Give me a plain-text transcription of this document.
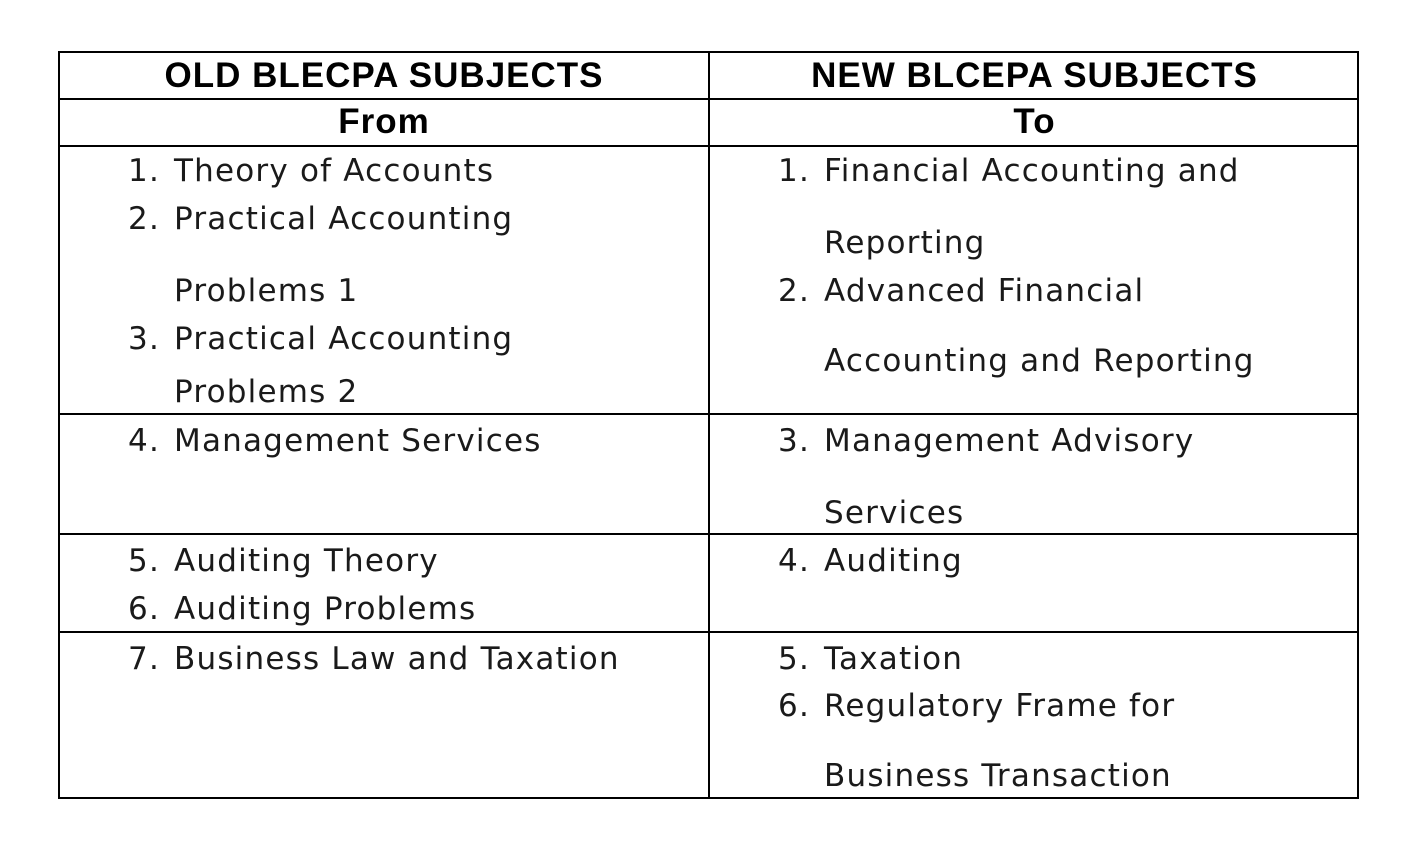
OLD BLECPA SUBJECTS	NEW BLCEPA SUBJECTS
From	To
1. Theory of Accounts
2. Practical Accounting
Problems 1
3. Practical Accounting
Problems 2
4. Management Services
5. Auditing Theory
6. Auditing Problems
7. Business Law and Taxation
1. Financial Accounting and
Reporting
2. Advanced Financial
Accounting and Reporting
3. Management Advisory
Services
4. Auditing
5. Taxation
6. Regulatory Frame for
Business Transaction
